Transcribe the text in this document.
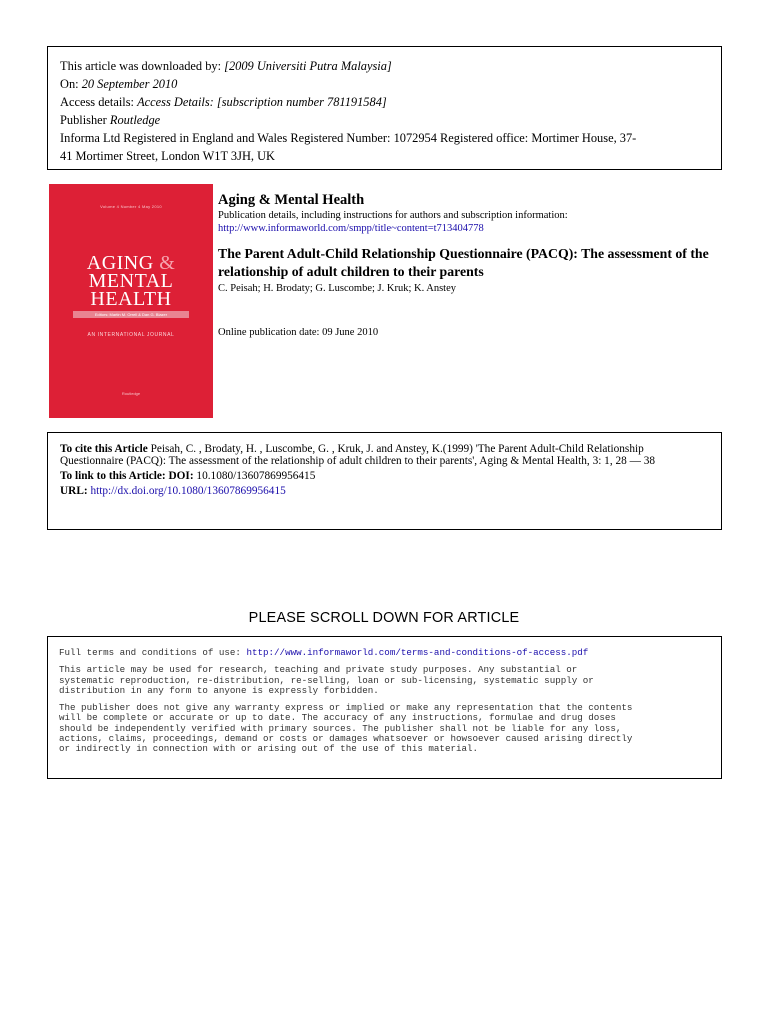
This article was downloaded by: [2009 Universiti Putra Malaysia]
On: 20 September 2010
Access details: Access Details: [subscription number 781191584]
Publisher Routledge
Informa Ltd Registered in England and Wales Registered Number: 1072954 Registered office: Mortimer House, 37-
41 Mortimer Street, London W1T 3JH, UK
Volume 4 Number 4 May 2010
AGING &
MENTAL
HEALTH
Editors: Martin M. Orrell & Dan G. Blazer
AN INTERNATIONAL JOURNAL
Routledge
Aging & Mental Health
Publication details, including instructions for authors and subscription information:
http://www.informaworld.com/smpp/title~content=t713404778
The Parent Adult-Child Relationship Questionnaire (PACQ): The assessment of the relationship of adult children to their parents
C. Peisah; H. Brodaty; G. Luscombe; J. Kruk; K. Anstey
Online publication date: 09 June 2010
To cite this Article Peisah, C. , Brodaty, H. , Luscombe, G. , Kruk, J. and Anstey, K.(1999) 'The Parent Adult-Child Relationship Questionnaire (PACQ): The assessment of the relationship of adult children to their parents', Aging & Mental Health, 3: 1, 28 — 38
To link to this Article: DOI: 10.1080/13607869956415
URL: http://dx.doi.org/10.1080/13607869956415
PLEASE SCROLL DOWN FOR ARTICLE

Full terms and conditions of use: http://www.informaworld.com/terms-and-conditions-of-access.pdf

This article may be used for research, teaching and private study purposes. Any substantial or
systematic reproduction, re-distribution, re-selling, loan or sub-licensing, systematic supply or
distribution in any form to anyone is expressly forbidden.

The publisher does not give any warranty express or implied or make any representation that the contents
will be complete or accurate or up to date. The accuracy of any instructions, formulae and drug doses
should be independently verified with primary sources. The publisher shall not be liable for any loss,
actions, claims, proceedings, demand or costs or damages whatsoever or howsoever caused arising directly
or indirectly in connection with or arising out of the use of this material.
